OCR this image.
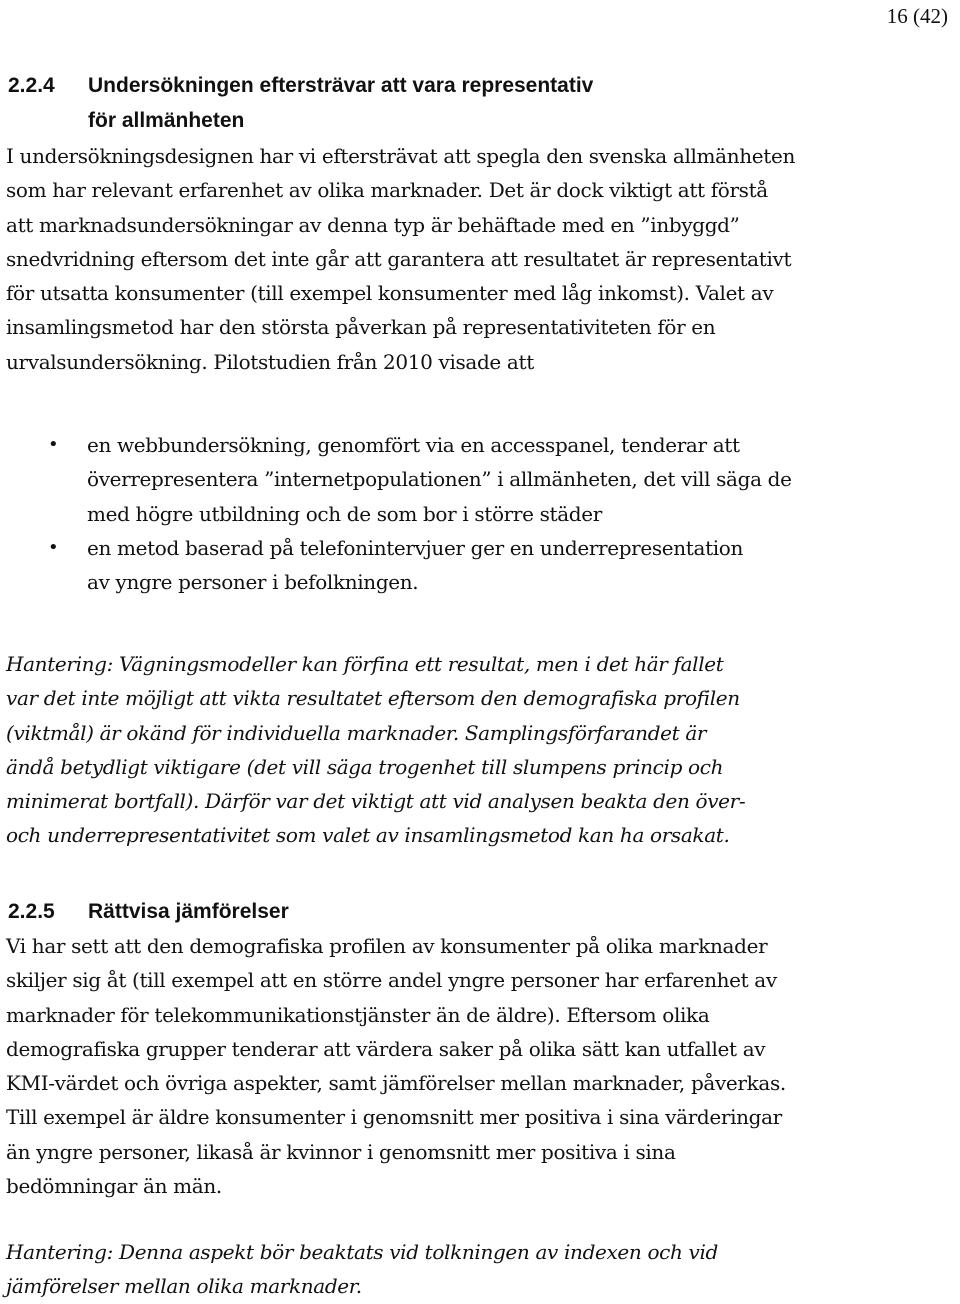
16 (42)
2.2.4 Undersökningen eftersträvar att vara representativ
för allmänheten

I undersökningsdesignen har vi eftersträvat att spegla den svenska allmänheten
som har relevant erfarenhet av olika marknader. Det är dock viktigt att förstå
att marknadsundersökningar av denna typ är behäftade med en ”inbyggd”
snedvridning eftersom det inte går att garantera att resultatet är representativt
för utsatta konsumenter (till exempel konsumenter med låg inkomst). Valet av
insamlingsmetod har den största påverkan på representativiteten för en
urvalsundersökning. Pilotstudien från 2010 visade att

• en webbundersökning, genomfört via en accesspanel, tenderar att
överrepresentera ”internetpopulationen” i allmänheten, det vill säga de
med högre utbildning och de som bor i större städer
• en metod baserad på telefonintervjuer ger en underrepresentation
av yngre personer i befolkningen.

Hantering: Vägningsmodeller kan förfina ett resultat, men i det här fallet
var det inte möjligt att vikta resultatet eftersom den demografiska profilen
(viktmål) är okänd för individuella marknader. Samplingsförfarandet är
ändå betydligt viktigare (det vill säga trogenhet till slumpens princip och
minimerat bortfall). Därför var det viktigt att vid analysen beakta den över-
och underrepresentativitet som valet av insamlingsmetod kan ha orsakat.

2.2.5 Rättvisa jämförelser

Vi har sett att den demografiska profilen av konsumenter på olika marknader
skiljer sig åt (till exempel att en större andel yngre personer har erfarenhet av
marknader för telekommunikationstjänster än de äldre). Eftersom olika
demografiska grupper tenderar att värdera saker på olika sätt kan utfallet av
KMI-värdet och övriga aspekter, samt jämförelser mellan marknader, påverkas.
Till exempel är äldre konsumenter i genomsnitt mer positiva i sina värderingar
än yngre personer, likaså är kvinnor i genomsnitt mer positiva i sina
bedömningar än män.

Hantering: Denna aspekt bör beaktats vid tolkningen av indexen och vid
jämförelser mellan olika marknader.
